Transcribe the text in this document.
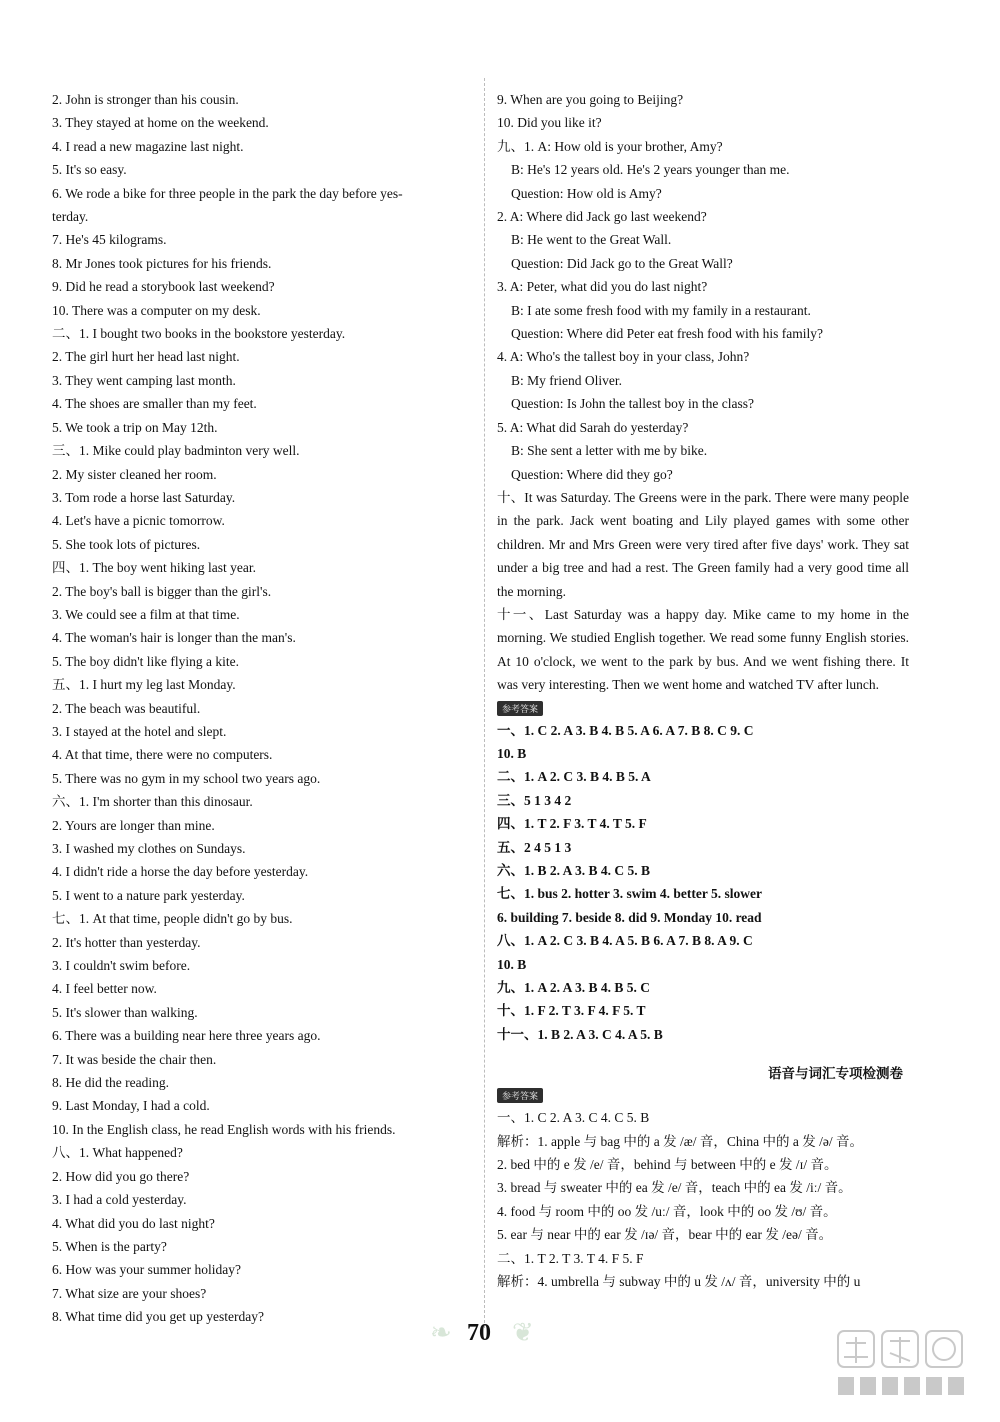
2. John is stronger than his cousin.
3. They stayed at home on the weekend.
4. I read a new magazine last night.
5. It's so easy.
6. We rode a bike for three people in the park the day before yes-
terday.
7. He's 45 kilograms.
8. Mr Jones took pictures for his friends.
9. Did he read a storybook last weekend?
10. There was a computer on my desk.
二、1. I bought two books in the bookstore yesterday.
2. The girl hurt her head last night.
3. They went camping last month.
4. The shoes are smaller than my feet.
5. We took a trip on May 12th.
三、1. Mike could play badminton very well.
2. My sister cleaned her room.
3. Tom rode a horse last Saturday.
4. Let's have a picnic tomorrow.
5. She took lots of pictures.
四、1. The boy went hiking last year.
2. The boy's ball is bigger than the girl's.
3. We could see a film at that time.
4. The woman's hair is longer than the man's.
5. The boy didn't like flying a kite.
五、1. I hurt my leg last Monday.
2. The beach was beautiful.
3. I stayed at the hotel and slept.
4. At that time, there were no computers.
5. There was no gym in my school two years ago.
六、1. I'm shorter than this dinosaur.
2. Yours are longer than mine.
3. I washed my clothes on Sundays.
4. I didn't ride a horse the day before yesterday.
5. I went to a nature park yesterday.
七、1. At that time, people didn't go by bus.
2. It's hotter than yesterday.
3. I couldn't swim before.
4. I feel better now.
5. It's slower than walking.
6. There was a building near here three years ago.
7. It was beside the chair then.
8. He did the reading.
9. Last Monday, I had a cold.
10. In the English class, he read English words with his friends.
八、1. What happened?
2. How did you go there?
3. I had a cold yesterday.
4. What did you do last night?
5. When is the party?
6. How was your summer holiday?
7. What size are your shoes?
8. What time did you get up yesterday?
9. When are you going to Beijing?
10. Did you like it?
九、1. A: How old is your brother, Amy?
B: He's 12 years old. He's 2 years younger than me.
Question: How old is Amy?
2. A: Where did Jack go last weekend?
B: He went to the Great Wall.
Question: Did Jack go to the Great Wall?
3. A: Peter, what did you do last night?
B: I ate some fresh food with my family in a restaurant.
Question: Where did Peter eat fresh food with his family?
4. A: Who's the tallest boy in your class, John?
B: My friend Oliver.
Question: Is John the tallest boy in the class?
5. A: What did Sarah do yesterday?
B: She sent a letter with me by bike.
Question: Where did they go?
十、It was Saturday. The Greens were in the park. There were many people in the park. Jack went boating and Lily played games with some other children. Mr and Mrs Green were very tired after five days' work. They sat under a big tree and had a rest. The Green family had a very good time all the morning.
十一、Last Saturday was a happy day. Mike came to my home in the morning. We studied English together. We read some funny English stories. At 10 o'clock, we went to the park by bus. And we went fishing there. It was very interesting. Then we went home and watched TV after lunch.
参考答案
一、1. C 2. A 3. B 4. B 5. A 6. A 7. B 8. C 9. C
10. B
二、1. A 2. C 3. B 4. B 5. A
三、5 1 3 4 2
四、1. T 2. F 3. T 4. T 5. F
五、2 4 5 1 3
六、1. B 2. A 3. B 4. C 5. B
七、1. bus 2. hotter 3. swim 4. better 5. slower
6. building 7. beside 8. did 9. Monday 10. read
八、1. A 2. C 3. B 4. A 5. B 6. A 7. B 8. A 9. C
10. B
九、1. A 2. A 3. B 4. B 5. C
十、1. F 2. T 3. F 4. F 5. T
十一、1. B 2. A 3. C 4. A 5. B
语音与词汇专项检测卷
参考答案
一、1. C 2. A 3. C 4. C 5. B
解析：1. apple 与 bag 中的 a 发 /æ/ 音，China 中的 a 发 /ə/ 音。
2. bed 中的 e 发 /e/ 音，behind 与 between 中的 e 发 /ɪ/ 音。
3. bread 与 sweater 中的 ea 发 /e/ 音，teach 中的 ea 发 /iː/ 音。
4. food 与 room 中的 oo 发 /uː/ 音，look 中的 oo 发 /ʊ/ 音。
5. ear 与 near 中的 ear 发 /ɪə/ 音，bear 中的 ear 发 /eə/ 音。
二、1. T 2. T 3. T 4. F 5. F
解析：4. umbrella 与 subway 中的 u 发 /ʌ/ 音，university 中的 u
❧ 70 ❦
